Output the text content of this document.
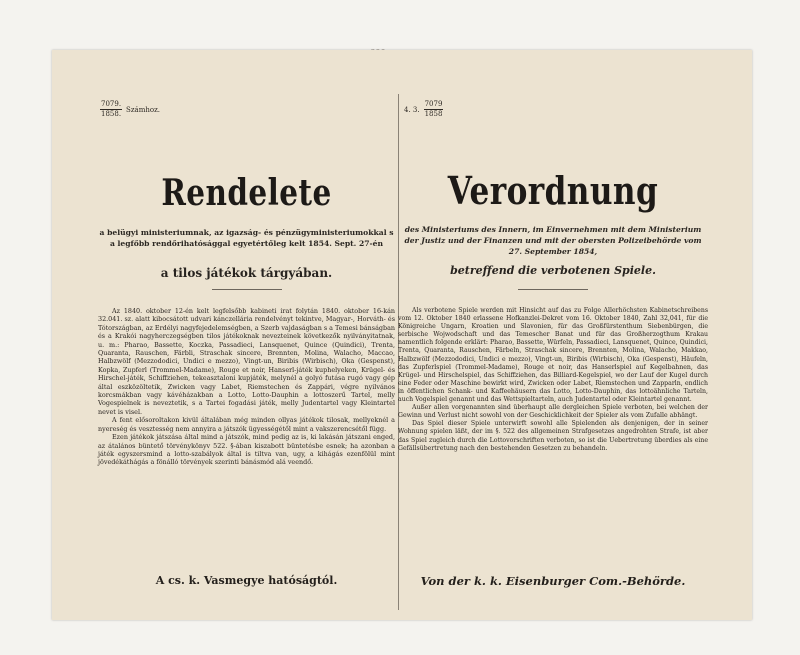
$\frac{7079.}{1858.}$ Számhoz.
Rendelete
a belügyi ministeriumnak, az igazság- és pénzügyministeriumokkal s a legfőbb rendőrihatósággal egyetértőleg kelt 1854. Sept. 27-én
a tilos játékok tárgyában.

Az 1840. oktober 12-én kelt legfelsőbb kabineti irat folytán 1840. oktober 16-kán 32.041. sz. alatt kibocsátott udvari kánczellária rendelvényt tekintve, Magyar-, Horváth- és Tótországban, az Erdélyi nagyfejedelemségben, a Szerb vajdaságban s a Temesi bánságban és a Krakói nagyherczegségben tilos játékoknak nevezteinek következők nyilványitatnak, u. m.: Pharao, Bassette, Koczka, Passadieci, Lansquenet, Quince (Quindici), Trenta, Quaranta, Rauschen, Färbli, Straschak sincere, Brennten, Molina, Walacho, Maccao, Halbzwölf (Mezzododici, Undici e mezzo), Vingt-un, Biribis (Wirbisch), Oka (Gespenst), Kopka, Zupferl (Trommel-Madame), Rouge et noir, Hanserl-játék kuphelyeken, Krügel- és Hirschel-játék, Schiffziehen, tekeasztaloni kupjáték, melynél a golyó futása rugó vagy gép által eszközöltetik, Zwicken vagy Labet, Riemstechen és Zappári, végre nyilvános korcsmákban vagy kávéházakban a Lotto, Lotto-Dauphin a lottoszerű Tartel, melly Vogespielnek is neveztetik, s a Tartei fogadási játék, melly Judentartel vagy Kleintartel nevet is visel.

A fent elősoroltakon kivül általában még minden ollyas játékok tilosak, mellyeknél a nyereség és vesztesség nem annyira a játszók ügyességétől mint a vakszerencsétől függ.

Ezen játékok játszása által mind a játszók, mind pedig az is, ki lakásán játszani enged, az átalános büntető törvénykönyv 522. §-ában kiszabott büntetésbe esnek; ha azonban a játék egyszersmind a lotto-szabályok által is tiltva van, ugy, a kihágás ezenfölül mint jövedékáthágás a fönálló törvények szerinti bánásmód alá veendő.

A cs. k. Vasmegye hatóságtól.
4. 3. $\frac{7079}{1858}$
Verordnung
des Ministeriums des Innern, im Einvernehmen mit dem Ministerium der Justiz und der Finanzen und mit der obersten Polizeibehörde vom 27. September 1854,
betreffend die verbotenen Spiele.

Als verbotene Spiele werden mit Hinsicht auf das zu Folge Allerhöchsten Kabinetschreibens vom 12. Oktober 1840 erlassene Hofkanzlei-Dekret vom 16. Oktober 1840, Zahl 32,041, für die Königreiche Ungarn, Kroatien und Slavonien, für das Großfürstenthum Siebenbürgen, die serbische Wojwodschaft und das Temescher Banat und für das Großherzogthum Krakau namentlich folgende erklärt: Pharao, Bassette, Würfeln, Passadieci, Lansquenet, Quince, Quindici, Trenta, Quaranta, Rauschen, Färbeln, Straschak sincere, Brennten, Molina, Walacho, Makkao, Halbzwölf (Mezzododici, Undici e mezzo), Vingt-un, Biribis (Wirbisch), Oka (Gespenst), Häufeln, das Zupferlspiel (Trommel-Madame), Rouge et noir, das Hanserlspiel auf Kegelbahnen, das Krügel- und Hirschelspiel, das Schiffziehen, das Billiard-Kegelspiel, wo der Lauf der Kugel durch eine Feder oder Maschine bewirkt wird, Zwicken oder Labet, Riemstechen und Zapparln, endlich in öffentlichen Schank- und Kaffeehäusern das Lotto, Lotto-Dauphin, das lottoähnliche Tarteln, auch Vogelspiel genannt und das Wettspieltarteln, auch Judentartel oder Kleintartel genannt.

Außer allen vorgenannten sind überhaupt alle dergleichen Spiele verboten, bei welchen der Gewinn und Verlust nicht sowohl von der Geschicklichkeit der Spieler als vom Zufalle abhängt.

Das Spiel dieser Spiele unterwirft sowohl alle Spielenden als denjenigen, der in seiner Wohnung spielen läßt, der im §. 522 des allgemeinen Strafgesetzes angedrohten Strafe, ist aber das Spiel zugleich durch die Lottovorschriften verboten, so ist die Uebertretung überdies als eine Gefällsübertretung nach den bestehenden Gesetzen zu behandeln.

Von der k. k. Eisenburger Com.-Behörde.
